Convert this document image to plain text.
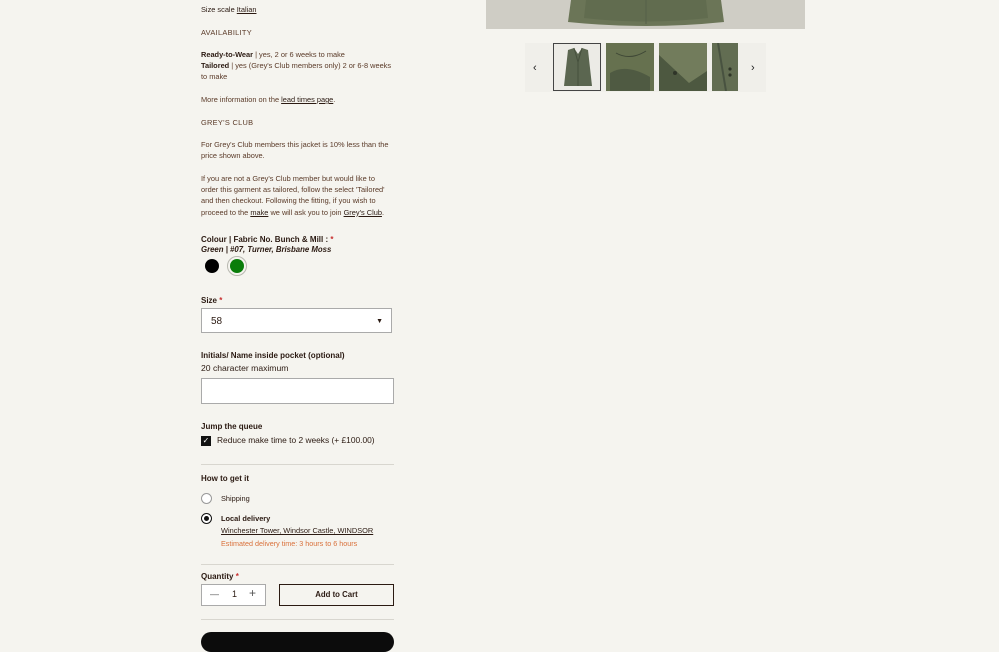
Size scale Italian

AVAILABILITY

Ready-to-Wear | yes, 2 or 6 weeks to make

Tailored | yes (Grey's Club members only) 2 or 6-8 weeks to make

More information on the lead times page.

GREY'S CLUB

For Grey's Club members this jacket is 10% less than the price shown above.

If you are not a Grey's Club member but would like to order this garment as tailored, follow the select 'Tailored' and then checkout. Following the fitting, if you wish to proceed to the make we will ask you to join Grey's Club.

Colour | Fabric No. Bunch & Mill : *
Green | #07, Turner, Brisbane Moss
Size *
58	▼
Initials/ Name inside pocket (optional)
20 character maximum
Jump the queue
✓ Reduce make time to 2 weeks (+ £100.00)
How to get it
Shipping
Local delivery
Winchester Tower, Windsor Castle, WINDSOR
Estimated delivery time: 3 hours to 6 hours
Quantity *
— 1 +	Add to Cart
‹	›
